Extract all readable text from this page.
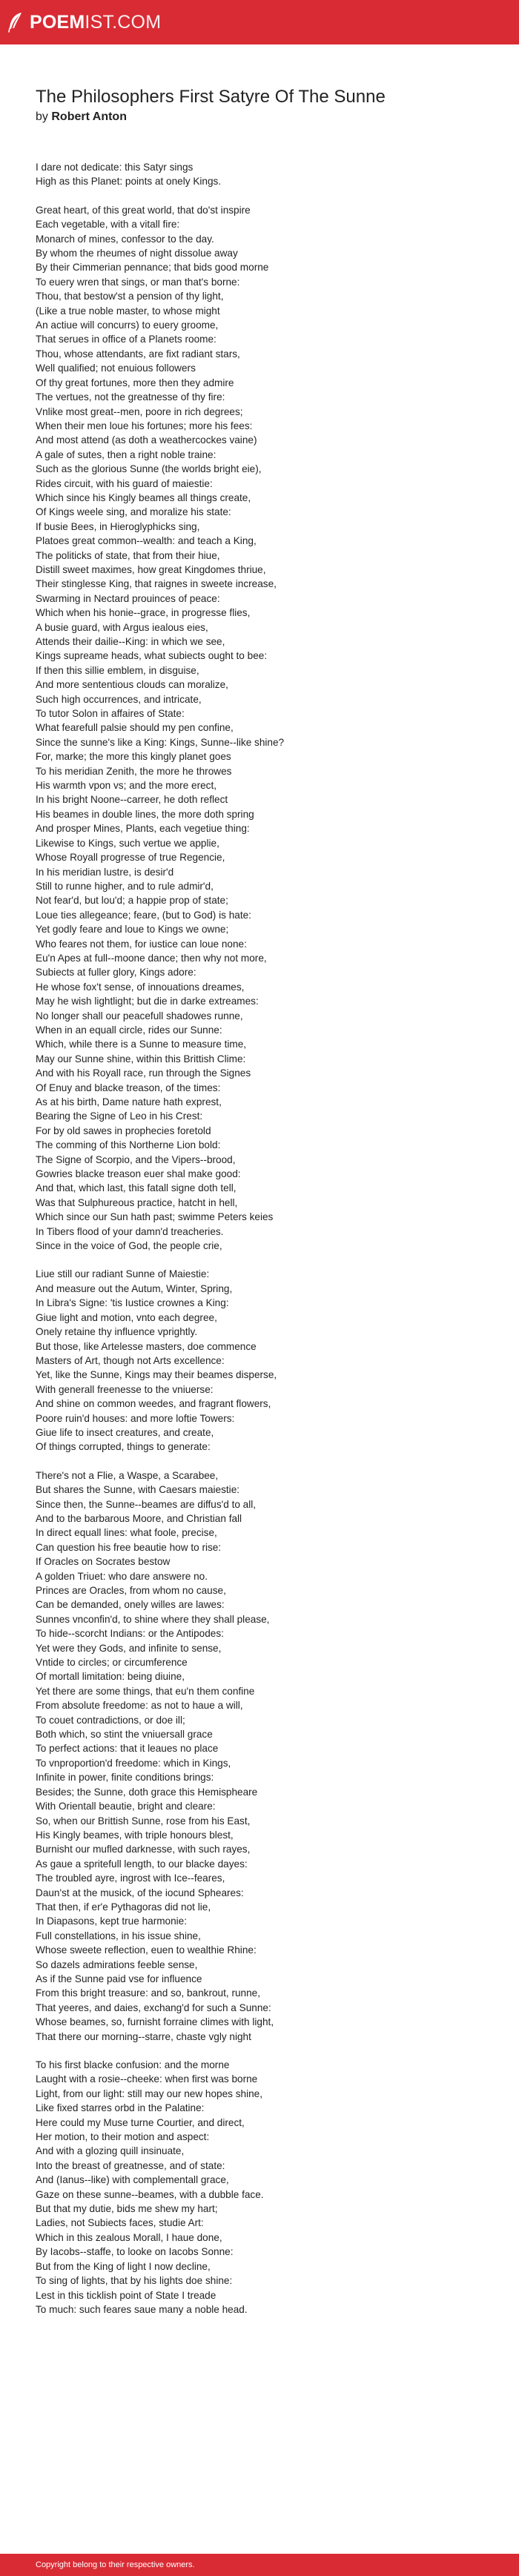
POEMIST.COM
The Philosophers First Satyre Of The Sunne
by Robert Anton
I dare not dedicate: this Satyr sings
High as this Planet: points at onely Kings.
Great heart, of this great world, that do'st inspire
Each vegetable, with a vitall fire:
Monarch of mines, confessor to the day.
By whom the rheumes of night dissolue away
By their Cimmerian pennance; that bids good morne
To euery wren that sings, or man that's borne:
Thou, that bestow'st a pension of thy light,
(Like a true noble master, to whose might
An actiue will concurrs) to euery groome,
That serues in office of a Planets roome:
Thou, whose attendants, are fixt radiant stars,
Well qualified; not enuious followers
Of thy great fortunes, more then they admire
The vertues, not the greatnesse of thy fire:
Vnlike most great--men, poore in rich degrees;
When their men loue his fortunes; more his fees:
And most attend (as doth a weathercockes vaine)
A gale of sutes, then a right noble traine:
Such as the glorious Sunne (the worlds bright eie),
Rides circuit, with his guard of maiestie:
Which since his Kingly beames all things create,
Of Kings weele sing, and moralize his state:
If busie Bees, in Hieroglyphicks sing,
Platoes great common--wealth: and teach a King,
The politicks of state, that from their hiue,
Distill sweet maximes, how great Kingdomes thriue,
Their stinglesse King, that raignes in sweete increase,
Swarming in Nectard prouinces of peace:
Which when his honie--grace, in progresse flies,
A busie guard, with Argus iealous eies,
Attends their dailie--King: in which we see,
Kings supreame heads, what subiects ought to bee:
If then this sillie emblem, in disguise,
And more sententious clouds can moralize,
Such high occurrences, and intricate,
To tutor Solon in affaires of State:
What fearefull palsie should my pen confine,
Since the sunne's like a King: Kings, Sunne--like shine?
For, marke; the more this kingly planet goes
To his meridian Zenith, the more he throwes
His warmth vpon vs; and the more erect,
In his bright Noone--carreer, he doth reflect
His beames in double lines, the more doth spring
And prosper Mines, Plants, each vegetiue thing:
Likewise to Kings, such vertue we applie,
Whose Royall progresse of true Regencie,
In his meridian lustre, is desir'd
Still to runne higher, and to rule admir'd,
Not fear'd, but lou'd; a happie prop of state;
Loue ties allegeance; feare, (but to God) is hate:
Yet godly feare and loue to Kings we owne;
Who feares not them, for iustice can loue none:
Eu'n Apes at full--moone dance; then why not more,
Subiects at fuller glory, Kings adore:
He whose fox't sense, of innouations dreames,
May he wish lightlight; but die in darke extreames:
No longer shall our peacefull shadowes runne,
When in an equall circle, rides our Sunne:
Which, while there is a Sunne to measure time,
May our Sunne shine, within this Brittish Clime:
And with his Royall race, run through the Signes
Of Enuy and blacke treason, of the times:
As at his birth, Dame nature hath exprest,
Bearing the Signe of Leo in his Crest:
For by old sawes in prophecies foretold
The comming of this Northerne Lion bold:
The Signe of Scorpio, and the Vipers--brood,
Gowries blacke treason euer shal make good:
And that, which last, this fatall signe doth tell,
Was that Sulphureous practice, hatcht in hell,
Which since our Sun hath past; swimme Peters keies
In Tibers flood of your damn'd treacheries.
Since in the voice of God, the people crie,
Liue still our radiant Sunne of Maiestie:
And measure out the Autum, Winter, Spring,
In Libra's Signe: 'tis Iustice crownes a King:
Giue light and motion, vnto each degree,
Onely retaine thy influence vprightly.
But those, like Artelesse masters, doe commence
Masters of Art, though not Arts excellence:
Yet, like the Sunne, Kings may their beames disperse,
With generall freenesse to the vniuerse:
And shine on common weedes, and fragrant flowers,
Poore ruin'd houses: and more loftie Towers:
Giue life to insect creatures, and create,
Of things corrupted, things to generate:
There's not a Flie, a Waspe, a Scarabee,
But shares the Sunne, with Caesars maiestie:
Since then, the Sunne--beames are diffus'd to all,
And to the barbarous Moore, and Christian fall
In direct equall lines: what foole, precise,
Can question his free beautie how to rise:
If Oracles on Socrates bestow
A golden Triuet: who dare answere no.
Princes are Oracles, from whom no cause,
Can be demanded, onely willes are lawes:
Sunnes vnconfin'd, to shine where they shall please,
To hide--scorcht Indians: or the Antipodes:
Yet were they Gods, and infinite to sense,
Vntide to circles; or circumference
Of mortall limitation: being diuine,
Yet there are some things, that eu'n them confine
From absolute freedome: as not to haue a will,
To couet contradictions, or doe ill;
Both which, so stint the vniuersall grace
To perfect actions: that it leaues no place
To vnproportion'd freedome: which in Kings,
Infinite in power, finite conditions brings:
Besides; the Sunne, doth grace this Hemispheare
With Orientall beautie, bright and cleare:
So, when our Brittish Sunne, rose from his East,
His Kingly beames, with triple honours blest,
Burnisht our mufled darknesse, with such rayes,
As gaue a spritefull length, to our blacke dayes:
The troubled ayre, ingrost with Ice--feares,
Daun'st at the musick, of the iocund Spheares:
That then, if er'e Pythagoras did not lie,
In Diapasons, kept true harmonie:
Full constellations, in his issue shine,
Whose sweete reflection, euen to wealthie Rhine:
So dazels admirations feeble sense,
As if the Sunne paid vse for influence
From this bright treasure: and so, bankrout, runne,
That yeeres, and daies, exchang'd for such a Sunne:
Whose beames, so, furnisht forraine climes with light,
That there our morning--starre, chaste vgly night
To his first blacke confusion: and the morne
Laught with a rosie--cheeke: when first was borne
Light, from our light: still may our new hopes shine,
Like fixed starres orbd in the Palatine:
Here could my Muse turne Courtier, and direct,
Her motion, to their motion and aspect:
And with a glozing quill insinuate,
Into the breast of greatnesse, and of state:
And (Ianus--like) with complementall grace,
Gaze on these sunne--beames, with a dubble face.
But that my dutie, bids me shew my hart;
Ladies, not Subiects faces, studie Art:
Which in this zealous Morall, I haue done,
By Iacobs--staffe, to looke on Iacobs Sonne:
But from the King of light I now decline,
To sing of lights, that by his lights doe shine:
Lest in this ticklish point of State I treade
To much: such feares saue many a noble head.
Copyright belong to their respective owners.
